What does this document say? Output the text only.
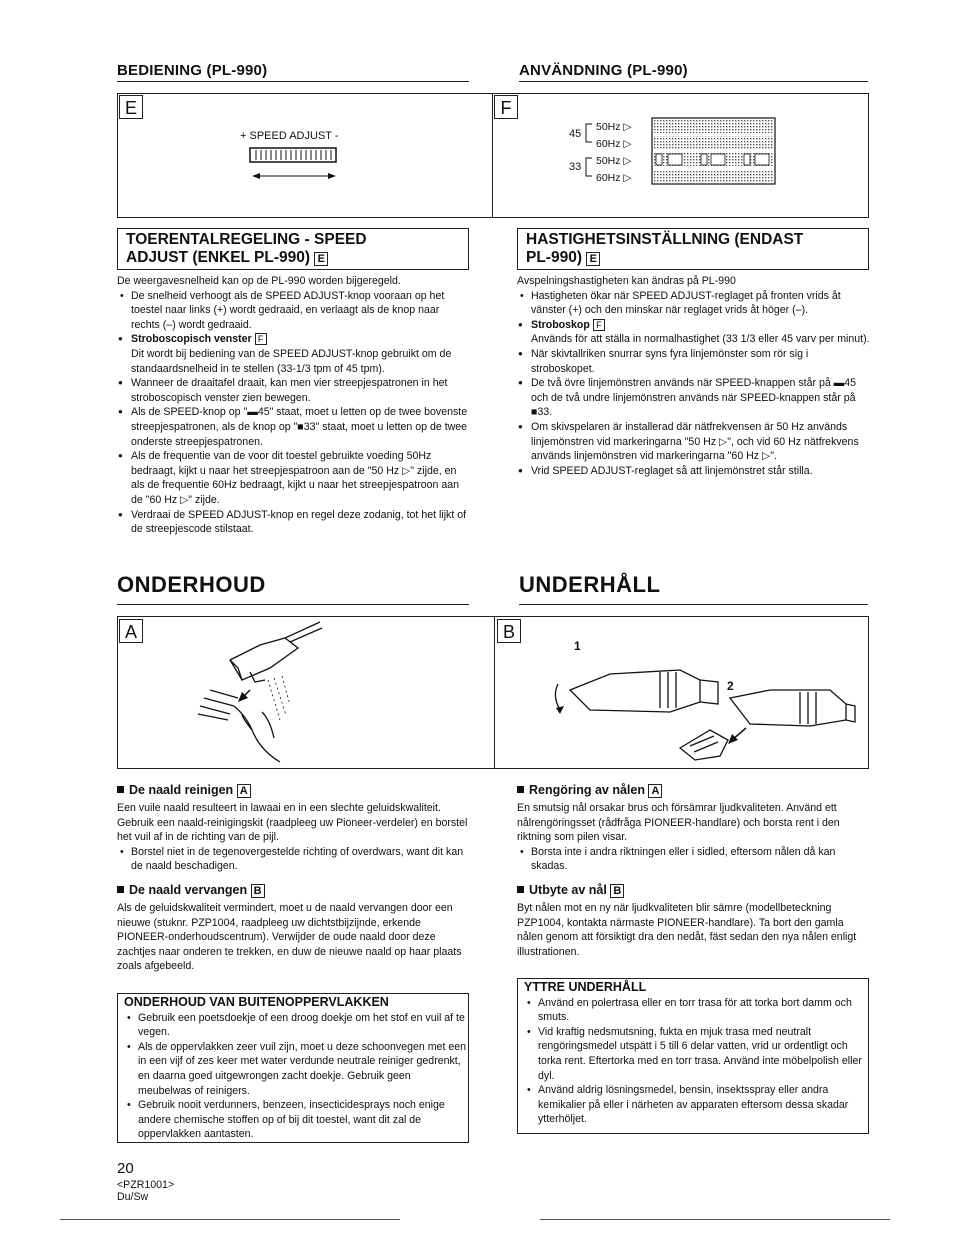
BEDIENING (PL-990)	ANVÄNDNING (PL-990)
E
+ SPEED ADJUST -
F
45
33
50Hz ▷
60Hz ▷
50Hz ▷
60Hz ▷
TOERENTALREGELING - SPEED
ADJUST (ENKEL PL-990) E
HASTIGHETSINSTÄLLNING (ENDAST
PL-990) E

De weergavesnelheid kan op de PL-990 worden bijgeregeld.

• De snelheid verhoogt als de SPEED ADJUST-knop vooraan op het toestel naar links (+) wordt gedraaid, en verlaagt als de knop naar rechts (–) wordt gedraaid.
● Stroboscopisch venster F

Dit wordt bij bediening van de SPEED ADJUST-knop gebruikt om de standaardsnelheid in te stellen (33-1/3 tpm of 45 tpm).

● Wanneer de draaitafel draait, kan men vier streepjespatronen in het stroboscopisch venster zien bewegen.
● Als de SPEED-knop op "▬45" staat, moet u letten op de twee bovenste streepjespatronen, als de knop op "■33" staat, moet u letten op de twee onderste streepjespatronen.
● Als de frequentie van de voor dit toestel gebruikte voeding 50Hz bedraagt, kijkt u naar het streepjespatroon aan de "50 Hz ▷" zijde, en als de frequentie 60Hz bedraagt, kijkt u naar het streepjespatroon aan de "60 Hz ▷" zijde.
● Verdraai de SPEED ADJUST-knop en regel deze zodanig, tot het lijkt of de streepjescode stilstaat.

Avspelningshastigheten kan ändras på PL-990

• Hastigheten ökar när SPEED ADJUST-reglaget på fronten vrids åt vänster (+) och den minskar när reglaget vrids åt höger (–).
● Stroboskop F

Används för att ställa in normalhastighet (33 1/3 eller 45 varv per minut).

● När skivtallriken snurrar syns fyra linjemönster som rör sig i stroboskopet.
● De två övre linjemönstren används när SPEED-knappen står på ▬45 och de två undre linjemönstren används när SPEED-knappen står på ■33.
● Om skivspelaren är installerad där nätfrekvensen är 50 Hz används linjemönstren vid markeringarna "50 Hz ▷", och vid 60 Hz nätfrekvens används linjemönstren vid markeringarna "60 Hz ▷".
● Vrid SPEED ADJUST-reglaget så att linjemönstret står stilla.
ONDERHOUD	UNDERHÅLL
A	B
1
2
De naald reinigen A

Een vuile naald resulteert in lawaai en in een slechte geluidskwaliteit. Gebruik een naald-reinigingskit (raadpleeg uw Pioneer-verdeler) en borstel het vuil af in de richting van de pijl.

• Borstel niet in de tegenovergestelde richting of overdwars, want dit kan de naald beschadigen.
De naald vervangen B

Als de geluidskwaliteit vermindert, moet u de naald vervangen door een nieuwe (stuknr. PZP1004, raadpleeg uw dichtstbijzijnde, erkende PIONEER-onderhoudscentrum). Verwijder de oude naald door deze zachtjes naar onderen te trekken, en duw de nieuwe naald op haar plaats zoals afgebeeld.

ONDERHOUD VAN BUITENOPPERVLAKKEN
• Gebruik een poetsdoekje of een droog doekje om het stof en vuil af te vegen.
• Als de oppervlakken zeer vuil zijn, moet u deze schoonvegen met een in een vijf of zes keer met water verdunde neutrale reiniger gedrenkt, en daarna goed uitgewrongen zacht doekje. Gebruik geen meubelwas of reinigers.
• Gebruik nooit verdunners, benzeen, insecticidesprays noch enige andere chemische stoffen op of bij dit toestel, want dit zal de oppervlakken aantasten.
Rengöring av nålen A

En smutsig nål orsakar brus och försämrar ljudkvaliteten. Använd ett nålrengöringsset (rådfråga PIONEER-handlare) och borsta rent i den riktning som pilen visar.

• Borsta inte i andra riktningen eller i sidled, eftersom nålen då kan skadas.
Utbyte av nål B

Byt nålen mot en ny när ljudkvaliteten blir sämre (modellbeteckning PZP1004, kontakta närmaste PIONEER-handlare). Ta bort den gamla nålen genom att försiktigt dra den nedåt, fäst sedan den nya nålen enligt illustrationen.

YTTRE UNDERHÅLL
• Använd en polertrasa eller en torr trasa för att torka bort damm och smuts.
• Vid kraftig nedsmutsning, fukta en mjuk trasa med neutralt rengöringsmedel utspätt i 5 till 6 delar vatten, vrid ur ordentligt och torka rent. Eftertorka med en torr trasa. Använd inte möbelpolish eller dyl.
• Använd aldrig lösningsmedel, bensin, insektsspray eller andra kemikalier på eller i närheten av apparaten eftersom dessa skadar ytterhöljet.
20
<PZR1001>
Du/Sw
